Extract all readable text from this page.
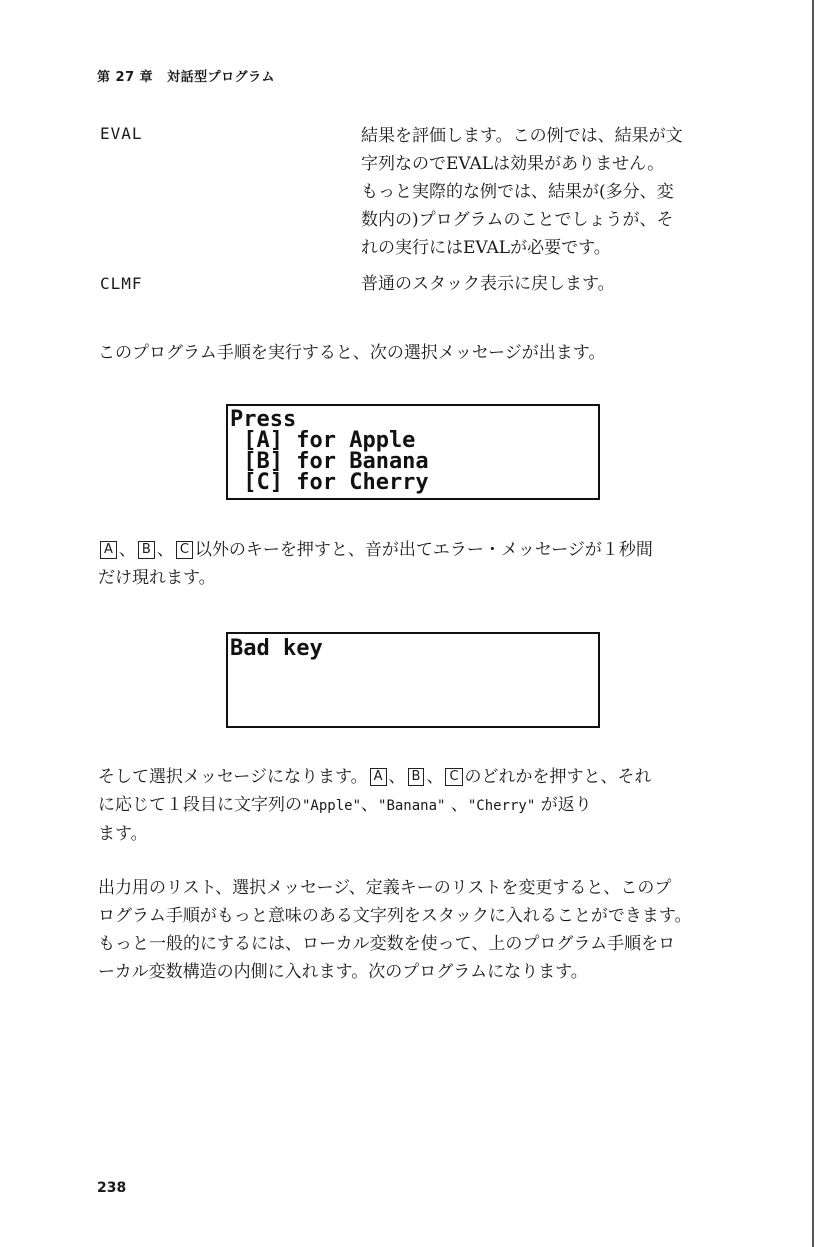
第 27 章 対話型プログラム
EVAL	結果を評価します。この例では、結果が文
字列なのでEVALは効果がありません。
もっと実際的な例では、結果が(多分、変
数内の)プログラムのことでしょうが、そ
れの実行にはEVALが必要です。
CLMF	普通のスタック表示に戻します。
このプログラム手順を実行すると、次の選択メッセージが出ます。
Press
[A] for Apple
[B] for Banana
[C] for Cherry
A 、 B 、 C 以外のキーを押すと、音が出てエラー・メッセージが１秒間
だけ現れます。
Bad key
そして選択メッセージになります。 A 、 B 、 C のどれかを押すと、それ
に応じて１段目に文字列の"Apple"、"Banana" 、"Cherry" が返り
ます。
出力用のリスト、選択メッセージ、定義キーのリストを変更すると、このプ
ログラム手順がもっと意味のある文字列をスタックに入れることができます。
もっと一般的にするには、ローカル変数を使って、上のプログラム手順をロ
ーカル変数構造の内側に入れます。次のプログラムになります。
238
